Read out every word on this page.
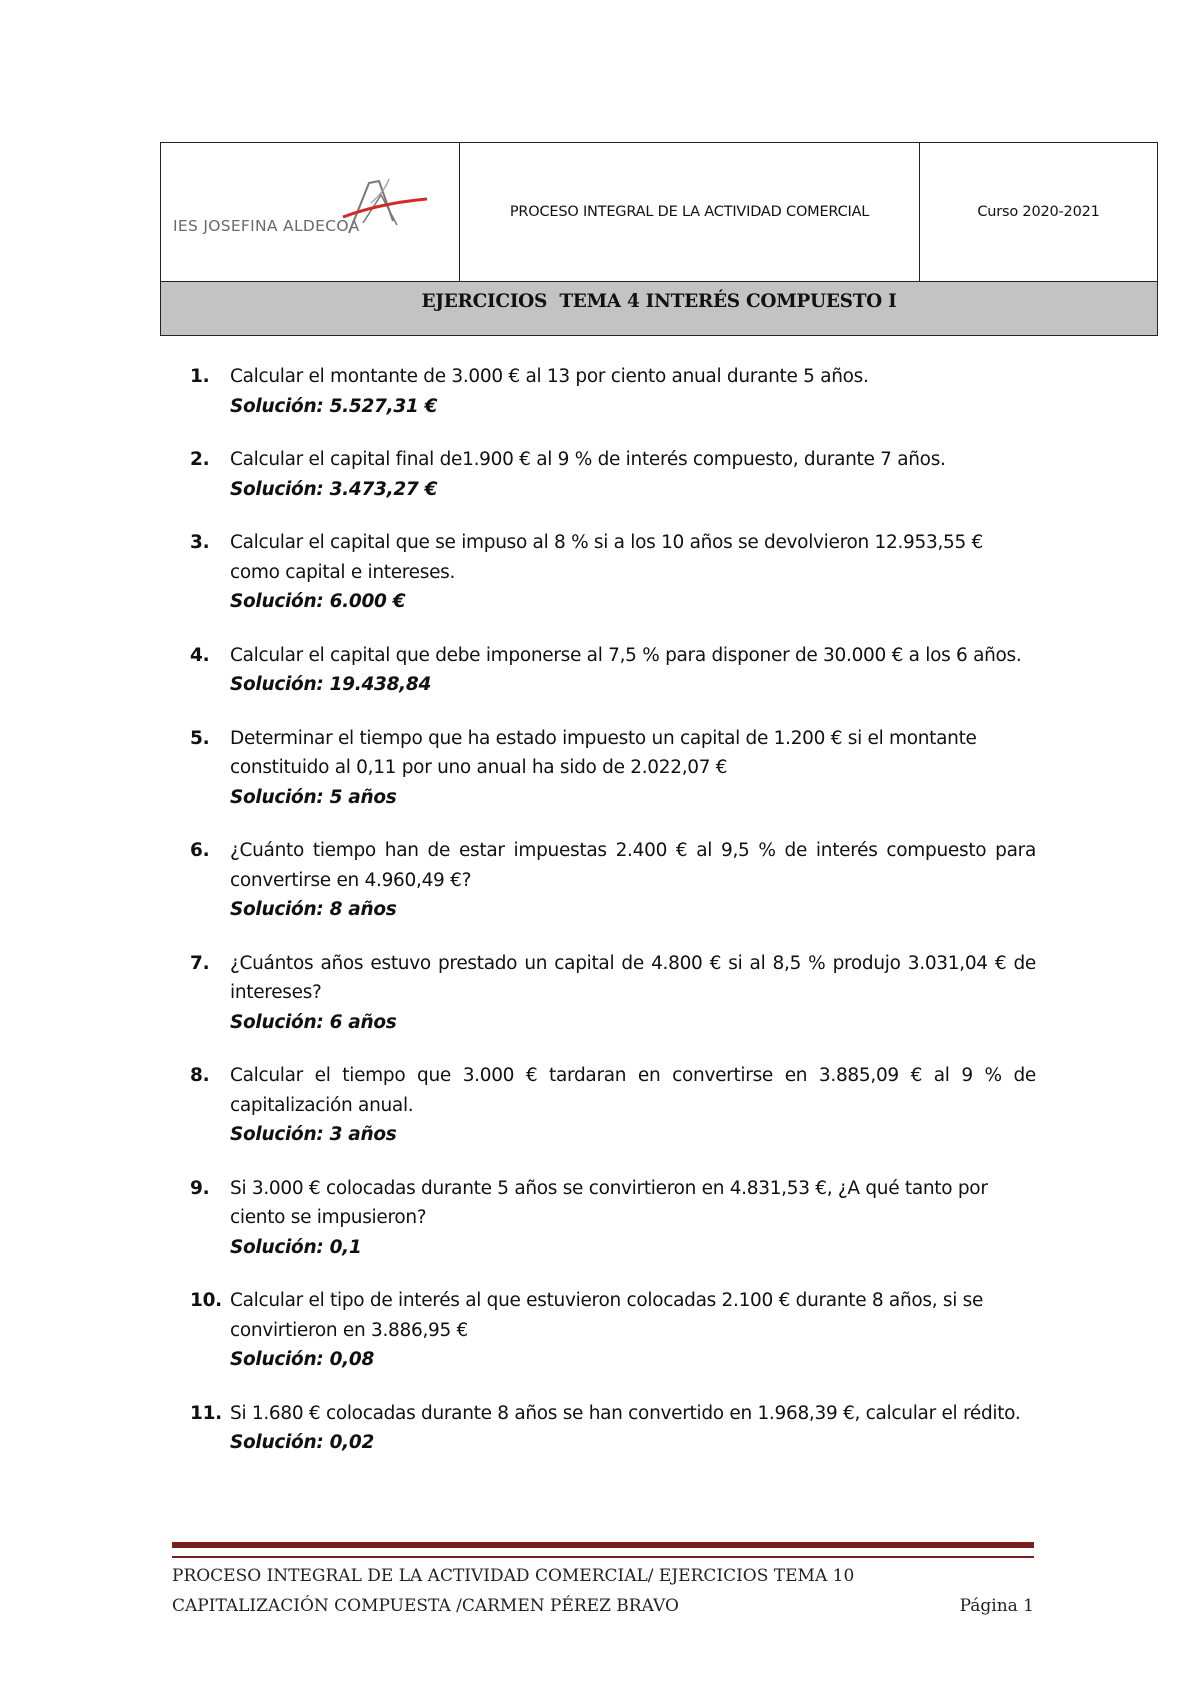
IES JOSEFINA ALDECOA
	PROCESO INTEGRAL DE LA ACTIVIDAD COMERCIAL	Curso 2020-2021
EJERCICIOS  TEMA 4 INTERÉS COMPUESTO I
1. Calcular el montante de 3.000 € al 13 por ciento anual durante 5 años.

Solución: 5.527,31 €

2. Calcular el capital final de1.900 € al 9 % de interés compuesto, durante 7 años.

Solución: 3.473,27 €

3. Calcular el capital que se impuso al 8 % si a los 10 años se devolvieron 12.953,55 € como capital e intereses.

Solución: 6.000 €

4. Calcular el capital que debe imponerse al 7,5 % para disponer de 30.000 € a los 6 años.

Solución: 19.438,84

5. Determinar el tiempo que ha estado impuesto un capital de 1.200 € si el montante constituido al 0,11 por uno anual ha sido de 2.022,07 €

Solución: 5 años

6. ¿Cuánto tiempo han de estar impuestas 2.400 € al 9,5 % de interés compuesto para convertirse en 4.960,49 €?

Solución: 8 años

7. ¿Cuántos años estuvo prestado un capital de 4.800 € si al 8,5 % produjo 3.031,04 € de intereses?

Solución: 6 años

8. Calcular el tiempo que 3.000 € tardaran en convertirse en 3.885,09 € al 9 % de capitalización anual.

Solución: 3 años

9. Si 3.000 € colocadas durante 5 años se convirtieron en 4.831,53 €, ¿A qué tanto por ciento se impusieron?

Solución: 0,1

10. Calcular el tipo de interés al que estuvieron colocadas 2.100 € durante 8 años, si se convirtieron en 3.886,95 €

Solución: 0,08

11. Si 1.680 € colocadas durante 8 años se han convertido en 1.968,39 €, calcular el rédito.

Solución: 0,02

PROCESO INTEGRAL DE LA ACTIVIDAD COMERCIAL/ EJERCICIOS TEMA 10
CAPITALIZACIÓN COMPUESTA /CARMEN PÉREZ BRAVO	Página 1
